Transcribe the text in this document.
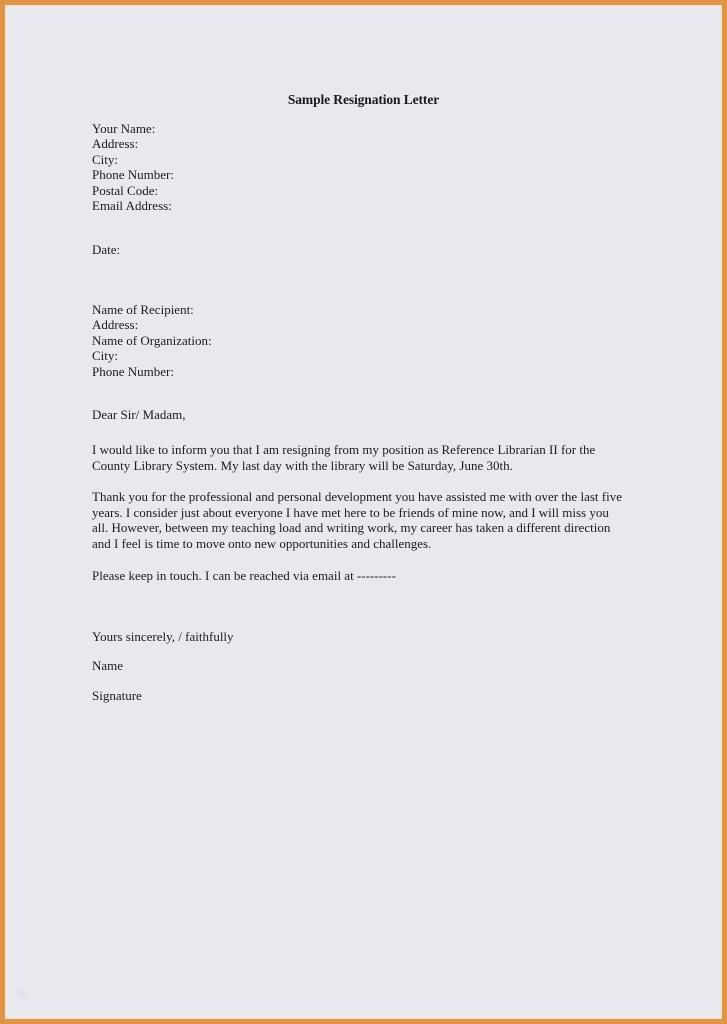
Sample Resignation Letter
Your Name:
Address:
City:
Phone Number:
Postal Code:
Email Address:
Date:
Name of Recipient:
Address:
Name of Organization:
City:
Phone Number:
Dear Sir/ Madam,
I would like to inform you that I am resigning from my position as Reference Librarian II for the
County Library System. My last day with the library will be Saturday, June 30th.
Thank you for the professional and personal development you have assisted me with over the last five
years. I consider just about everyone I have met here to be friends of mine now, and I will miss you
all. However, between my teaching load and writing work, my career has taken a different direction
and I feel is time to move onto new opportunities and challenges.
Please keep in touch. I can be reached via email at ---------
Yours sincerely, / faithfully
Name
Signature
